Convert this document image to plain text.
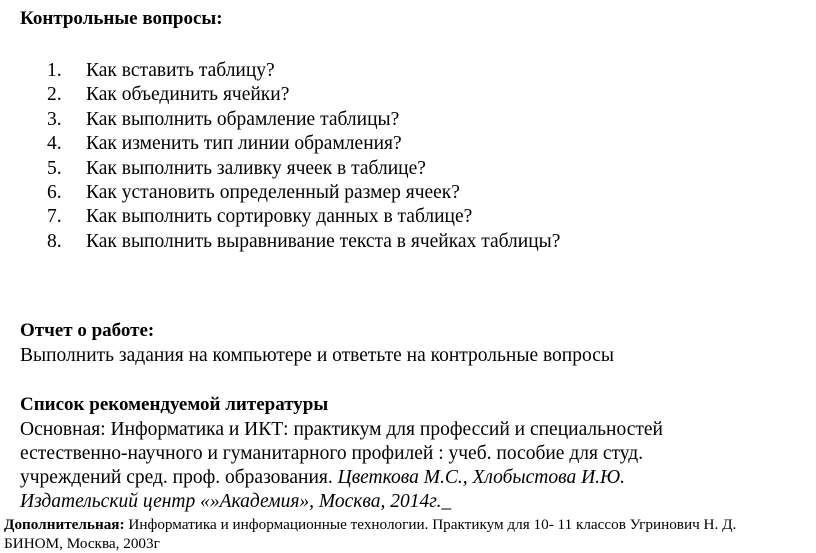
Контрольные вопросы:
1. Как вставить таблицу?
2. Как объединить ячейки?
3. Как выполнить обрамление таблицы?
4. Как изменить тип линии обрамления?
5. Как выполнить заливку ячеек в таблице?
6. Как установить определенный размер ячеек?
7. Как выполнить сортировку данных в таблице?
8. Как выполнить выравнивание текста в ячейках таблицы?
Отчет о работе:

Выполнить задания на компьютере и ответьте на контрольные вопросы

Список рекомендуемой литературы

Основная: Информатика и ИКТ: практикум для профессий и специальностей

естественно-научного и гуманитарного профилей : учеб. пособие для студ.

учреждений сред. проф. образования. Цветкова М.С., Хлобыстова И.Ю.

Издательский центр «»Академия», Москва, 2014г._

Дополнительная: Информатика и информационные технологии. Практикум для 10- 11 классов Угринович Н. Д.

БИНОМ, Москва, 2003г
